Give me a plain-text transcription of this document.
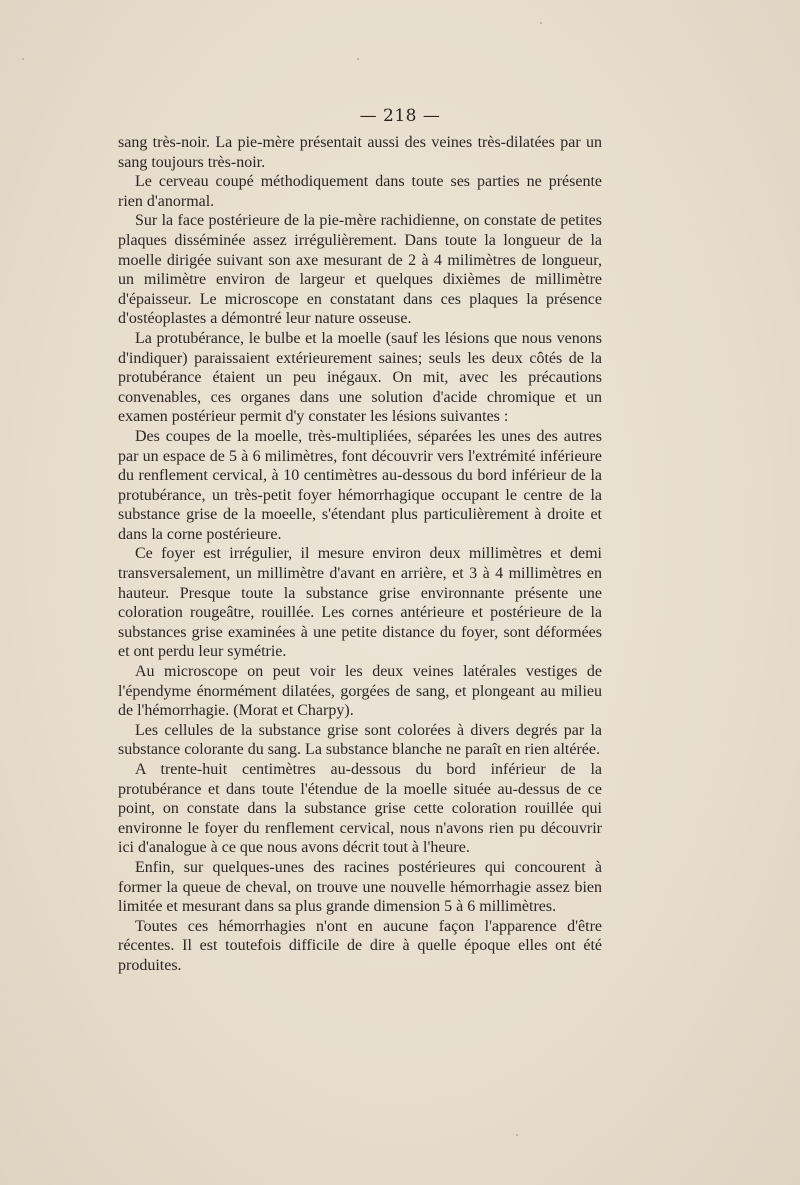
— 218 —

sang très-noir. La pie-mère présentait aussi des veines très-dilatées par un sang toujours très-noir.

Le cerveau coupé méthodiquement dans toute ses parties ne présente rien d'anormal.

Sur la face postérieure de la pie-mère rachidienne, on constate de petites plaques disséminée assez irrégulièrement. Dans toute la longueur de la moelle dirigée suivant son axe mesurant de 2 à 4 milimètres de longueur, un milimètre environ de largeur et quelques dixièmes de millimètre d'épaisseur. Le microscope en constatant dans ces plaques la présence d'ostéoplastes a démontré leur nature osseuse.

La protubérance, le bulbe et la moelle (sauf les lésions que nous venons d'indiquer) paraissaient extérieurement saines; seuls les deux côtés de la protubérance étaient un peu inégaux. On mit, avec les précautions convenables, ces organes dans une solution d'acide chromique et un examen postérieur permit d'y constater les lésions suivantes :

Des coupes de la moelle, très-multipliées, séparées les unes des autres par un espace de 5 à 6 milimètres, font découvrir vers l'extrémité inférieure du renflement cervical, à 10 centimètres au-dessous du bord inférieur de la protubérance, un très-petit foyer hémorrhagique occupant le centre de la substance grise de la moeelle, s'étendant plus particulièrement à droite et dans la corne postérieure.

Ce foyer est irrégulier, il mesure environ deux millimètres et demi transversalement, un millimètre d'avant en arrière, et 3 à 4 millimètres en hauteur. Presque toute la substance grise environnante présente une coloration rougeâtre, rouillée. Les cornes antérieure et postérieure de la substances grise examinées à une petite distance du foyer, sont déformées et ont perdu leur symétrie.

Au microscope on peut voir les deux veines latérales vestiges de l'épendyme énormément dilatées, gorgées de sang, et plongeant au milieu de l'hémorrhagie. (Morat et Charpy).

Les cellules de la substance grise sont colorées à divers degrés par la substance colorante du sang. La substance blanche ne paraît en rien altérée.

A trente-huit centimètres au-dessous du bord inférieur de la protubérance et dans toute l'étendue de la moelle située au-dessus de ce point, on constate dans la substance grise cette coloration rouillée qui environne le foyer du renflement cervical, nous n'avons rien pu découvrir ici d'analogue à ce que nous avons décrit tout à l'heure.

Enfin, sur quelques-unes des racines postérieures qui concourent à former la queue de cheval, on trouve une nouvelle hémorrhagie assez bien limitée et mesurant dans sa plus grande dimension 5 à 6 millimètres.

Toutes ces hémorrhagies n'ont en aucune façon l'apparence d'être récentes. Il est toutefois difficile de dire à quelle époque elles ont été produites.
